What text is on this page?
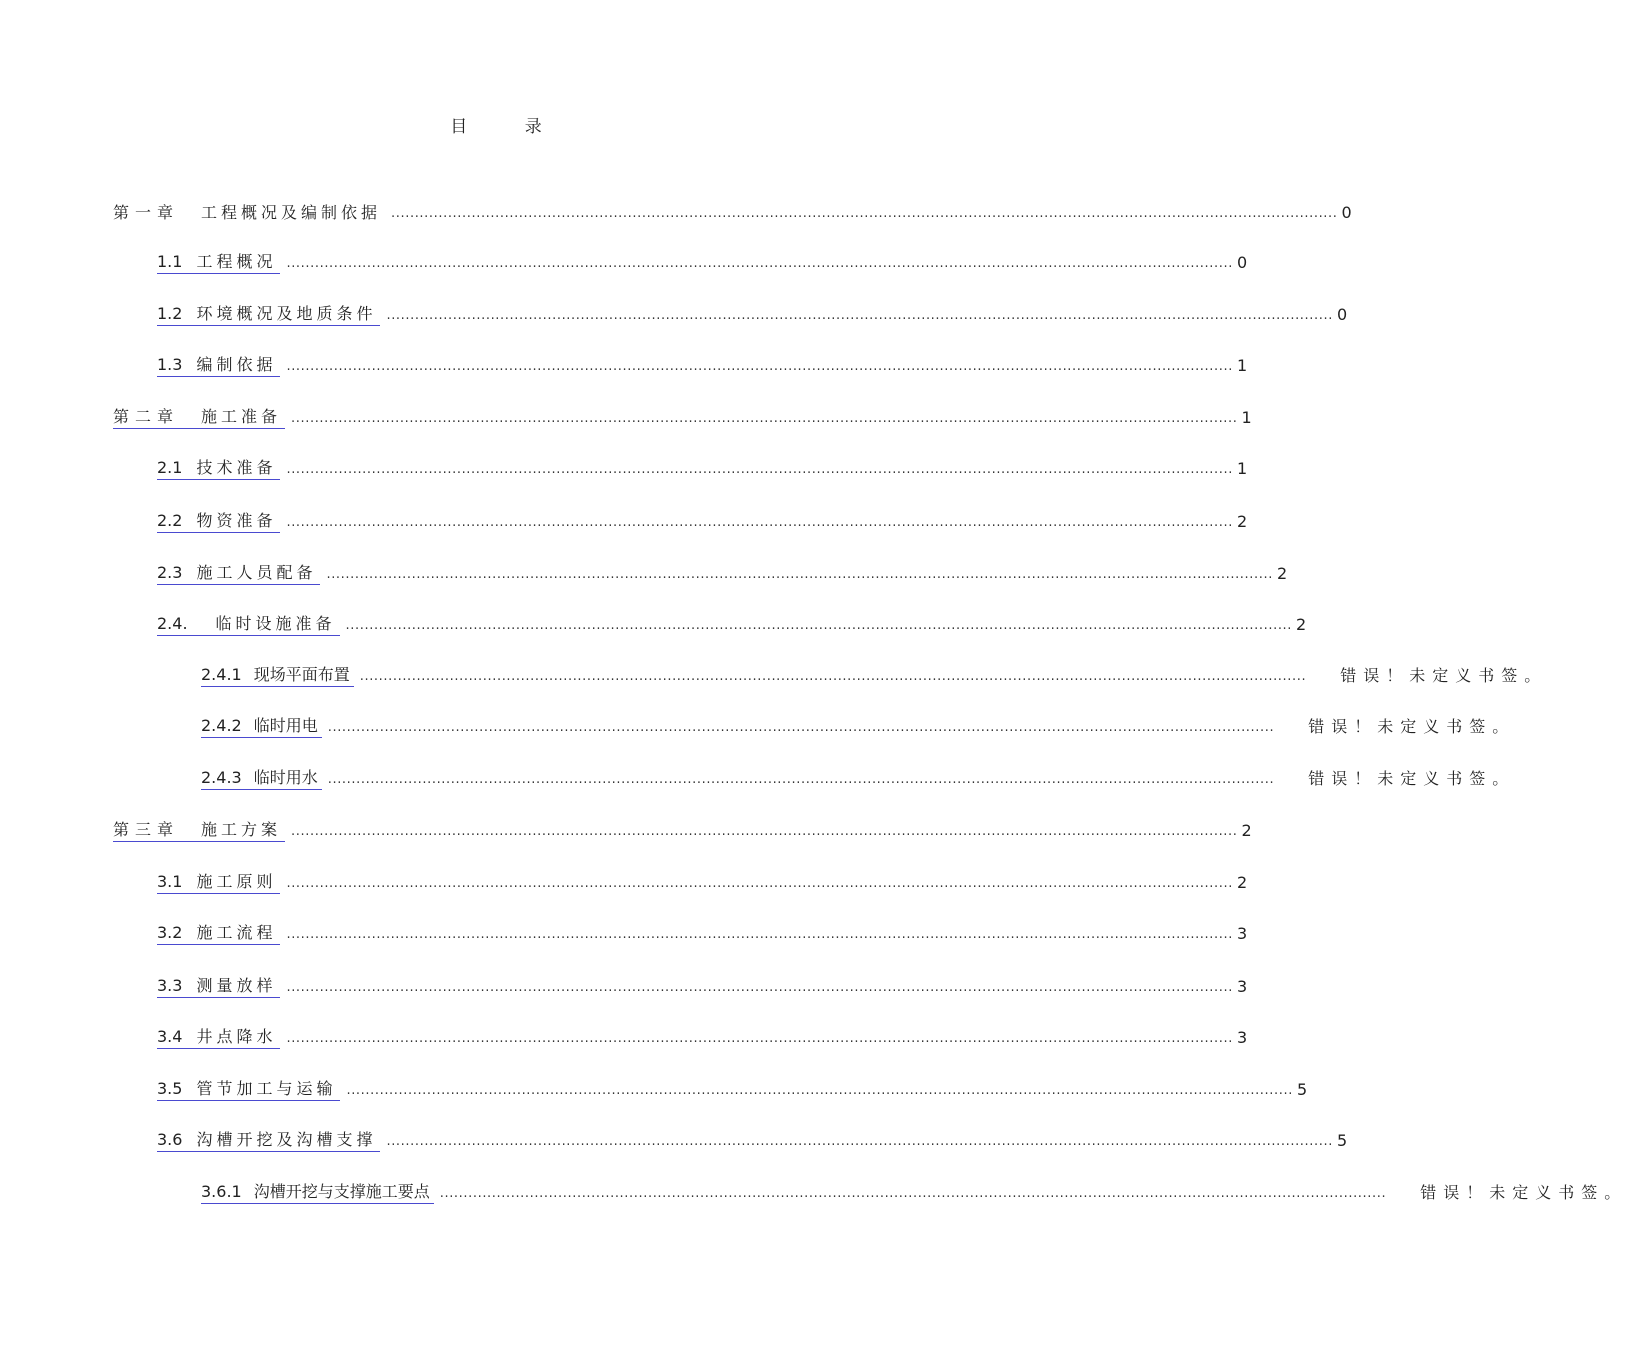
目 录
第一章 工程概况及编制依据 ........................................................................................................................................................................................................ 0
1.1 工程概况 ........................................................................................................................................................................................................ 0
1.2 环境概况及地质条件 ........................................................................................................................................................................................................ 0
1.3 编制依据 ........................................................................................................................................................................................................ 1
第二章 施工准备 ........................................................................................................................................................................................................ 1
2.1 技术准备 ........................................................................................................................................................................................................ 1
2.2 物资准备 ........................................................................................................................................................................................................ 2
2.3 施工人员配备 ........................................................................................................................................................................................................ 2
2.4. 临时设施准备 ........................................................................................................................................................................................................ 2
2.4.1 现场平面布置 ........................................................................................................................................................................................................ 错误！未定义书签。
2.4.2 临时用电 ........................................................................................................................................................................................................ 错误！未定义书签。
2.4.3 临时用水 ........................................................................................................................................................................................................ 错误！未定义书签。
第三章 施工方案 ........................................................................................................................................................................................................ 2
3.1 施工原则 ........................................................................................................................................................................................................ 2
3.2 施工流程 ........................................................................................................................................................................................................ 3
3.3 测量放样 ........................................................................................................................................................................................................ 3
3.4 井点降水 ........................................................................................................................................................................................................ 3
3.5 管节加工与运输 ........................................................................................................................................................................................................ 5
3.6 沟槽开挖及沟槽支撑 ........................................................................................................................................................................................................ 5
3.6.1 沟槽开挖与支撑施工要点 ........................................................................................................................................................................................................ 错误！未定义书签。
